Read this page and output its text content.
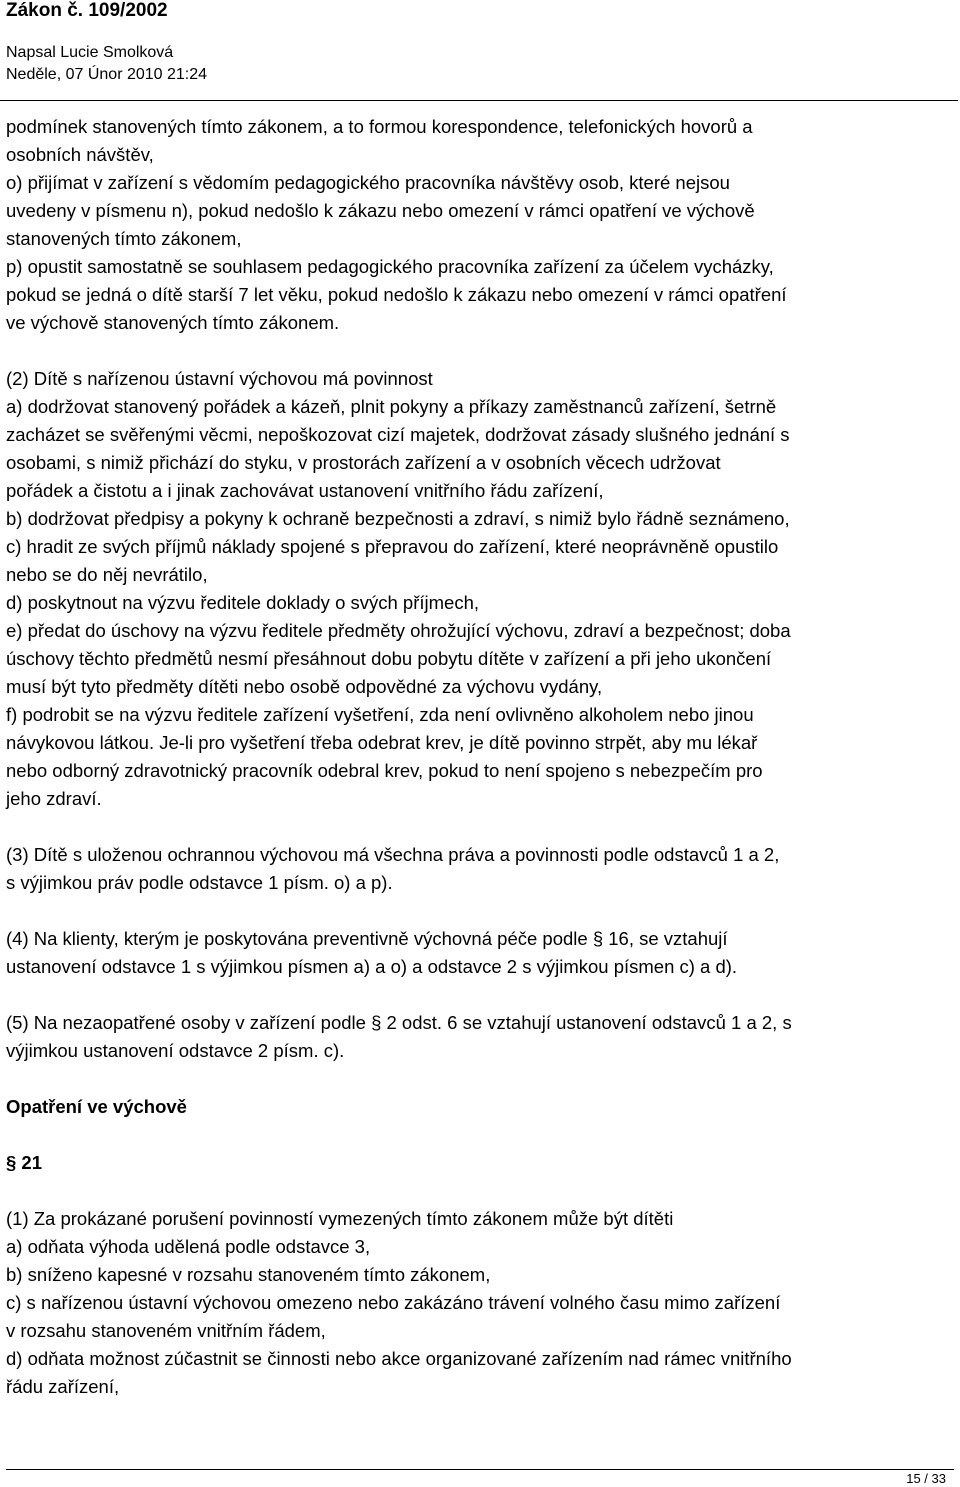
Zákon č. 109/2002
Napsal Lucie Smolková
Neděle, 07 Únor 2010 21:24
podmínek stanovených tímto zákonem, a to formou korespondence, telefonických hovorů a
osobních návštěv,
o) přijímat v zařízení s vědomím pedagogického pracovníka návštěvy osob, které nejsou
uvedeny v písmenu n), pokud nedošlo k zákazu nebo omezení v rámci opatření ve výchově
stanovených tímto zákonem,
p) opustit samostatně se souhlasem pedagogického pracovníka zařízení za účelem vycházky,
pokud se jedná o dítě starší 7 let věku, pokud nedošlo k zákazu nebo omezení v rámci opatření
ve výchově stanovených tímto zákonem.
(2) Dítě s nařízenou ústavní výchovou má povinnost
a) dodržovat stanovený pořádek a kázeň, plnit pokyny a příkazy zaměstnanců zařízení, šetrně
zacházet se svěřenými věcmi, nepoškozovat cizí majetek, dodržovat zásady slušného jednání s
osobami, s nimiž přichází do styku, v prostorách zařízení a v osobních věcech udržovat
pořádek a čistotu a i jinak zachovávat ustanovení vnitřního řádu zařízení,
b) dodržovat předpisy a pokyny k ochraně bezpečnosti a zdraví, s nimiž bylo řádně seznámeno,
c) hradit ze svých příjmů náklady spojené s přepravou do zařízení, které neoprávněně opustilo
nebo se do něj nevrátilo,
d) poskytnout na výzvu ředitele doklady o svých příjmech,
e) předat do úschovy na výzvu ředitele předměty ohrožující výchovu, zdraví a bezpečnost; doba
úschovy těchto předmětů nesmí přesáhnout dobu pobytu dítěte v zařízení a při jeho ukončení
musí být tyto předměty dítěti nebo osobě odpovědné za výchovu vydány,
f) podrobit se na výzvu ředitele zařízení vyšetření, zda není ovlivněno alkoholem nebo jinou
návykovou látkou. Je-li pro vyšetření třeba odebrat krev, je dítě povinno strpět, aby mu lékař
nebo odborný zdravotnický pracovník odebral krev, pokud to není spojeno s nebezpečím pro
jeho zdraví.
(3) Dítě s uloženou ochrannou výchovou má všechna práva a povinnosti podle odstavců 1 a 2,
s výjimkou práv podle odstavce 1 písm. o) a p).
(4) Na klienty, kterým je poskytována preventivně výchovná péče podle § 16, se vztahují
ustanovení odstavce 1 s výjimkou písmen a) a o) a odstavce 2 s výjimkou písmen c) a d).
(5) Na nezaopatřené osoby v zařízení podle § 2 odst. 6 se vztahují ustanovení odstavců 1 a 2, s
výjimkou ustanovení odstavce 2 písm. c).
Opatření ve výchově
§ 21
(1) Za prokázané porušení povinností vymezených tímto zákonem může být dítěti
a) odňata výhoda udělená podle odstavce 3,
b) sníženo kapesné v rozsahu stanoveném tímto zákonem,
c) s nařízenou ústavní výchovou omezeno nebo zakázáno trávení volného času mimo zařízení
v rozsahu stanoveném vnitřním řádem,
d) odňata možnost zúčastnit se činnosti nebo akce organizované zařízením nad rámec vnitřního
řádu zařízení,
15 / 33
